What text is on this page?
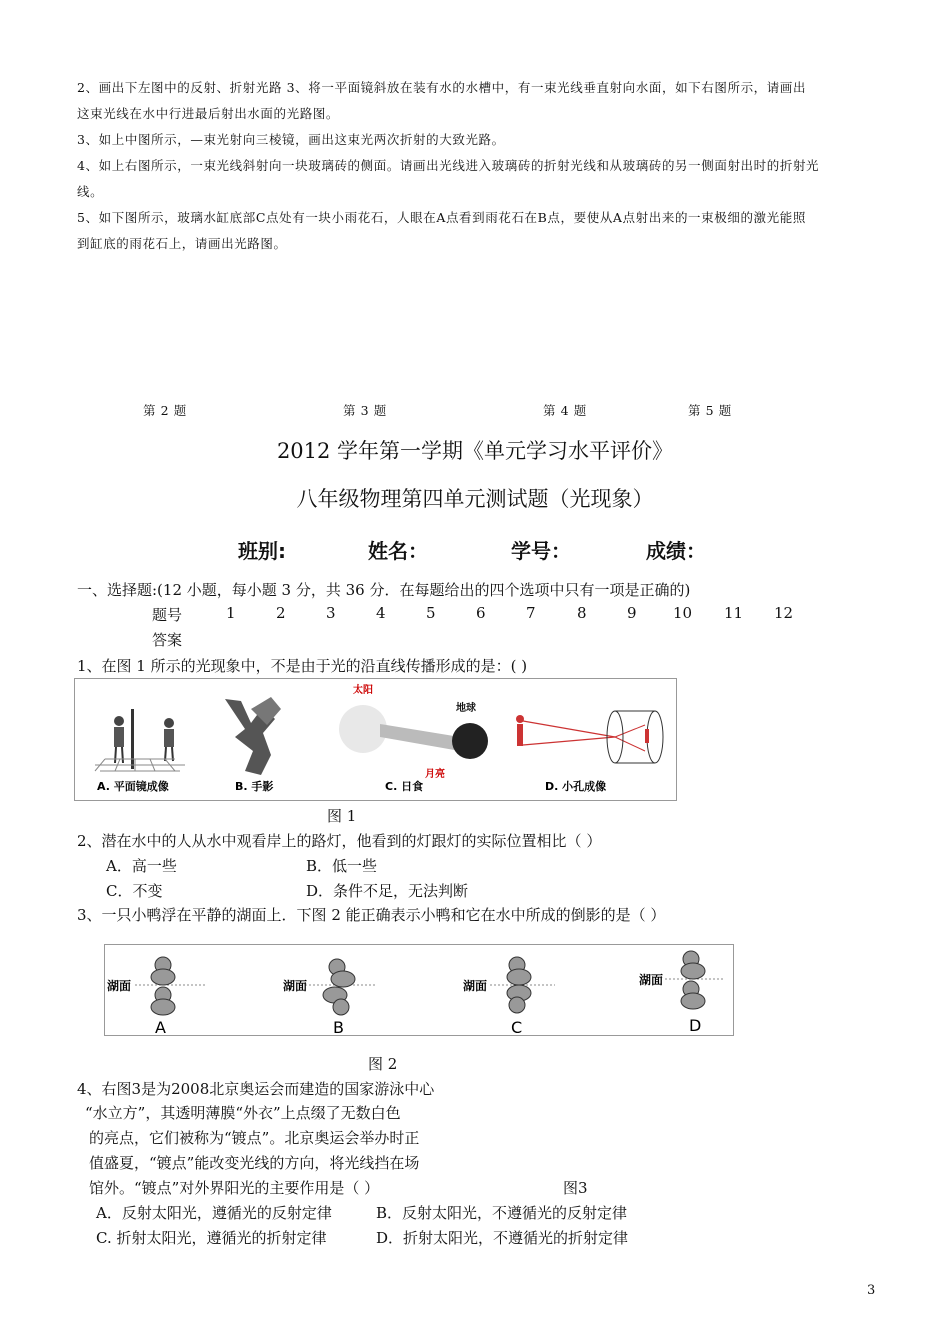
2、画出下左图中的反射、折射光路 3、将一平面镜斜放在装有水的水槽中，有一束光线垂直射向水面，如下右图所示，请画出
这束光线在水中行进最后射出水面的光路图。
3、如上中图所示，—束光射向三棱镜，画出这束光两次折射的大致光路。
4、如上右图所示，一束光线斜射向一块玻璃砖的侧面。请画出光线进入玻璃砖的折射光线和从玻璃砖的另一侧面射出时的折射光
线。
5、如下图所示，玻璃水缸底部C点处有一块小雨花石，人眼在A点看到雨花石在B点，要使从A点射出来的一束极细的激光能照
到缸底的雨花石上，请画出光路图。
第 2 题	第 3 题	第 4 题	第 5 题
2012 学年第一学期《单元学习水平评价》
八年级物理第四单元测试题（光现象）
班别:	姓名：	学号：	成绩：
一、选择题:(12 小题，每小题 3 分，共 36 分．在每题给出的四个选项中只有一项是正确的)
题号	1	2	3	4	5	6	7	8	9 10 11 12
答案
1、在图 1 所示的光现象中，不是由于光的沿直线传播形成的是：( )
太阳
地球
月亮
A. 平面镜成像	B. 手影	C. 日食	D. 小孔成像
图 1
2、潜在水中的人从水中观看岸上的路灯，他看到的灯跟灯的实际位置相比（ ）
A．高一些	B．低一些
C．不变	D．条件不足，无法判断
3、一只小鸭浮在平静的湖面上．下图 2 能正确表示小鸭和它在水中所成的倒影的是（ ）
湖面	湖面	湖面	湖面
A	B	C	D
图 2
4、右图3是为2008北京奥运会而建造的国家游泳中心
“水立方”，其透明薄膜“外衣”上点缀了无数白色
的亮点，它们被称为“镀点”。北京奥运会举办时正
值盛夏，“镀点”能改变光线的方向，将光线挡在场
馆外。“镀点”对外界阳光的主要作用是（ ）	图3
A．反射太阳光，遵循光的反射定律	B．反射太阳光，不遵循光的反射定律
C. 折射太阳光，遵循光的折射定律	D．折射太阳光，不遵循光的折射定律
3
